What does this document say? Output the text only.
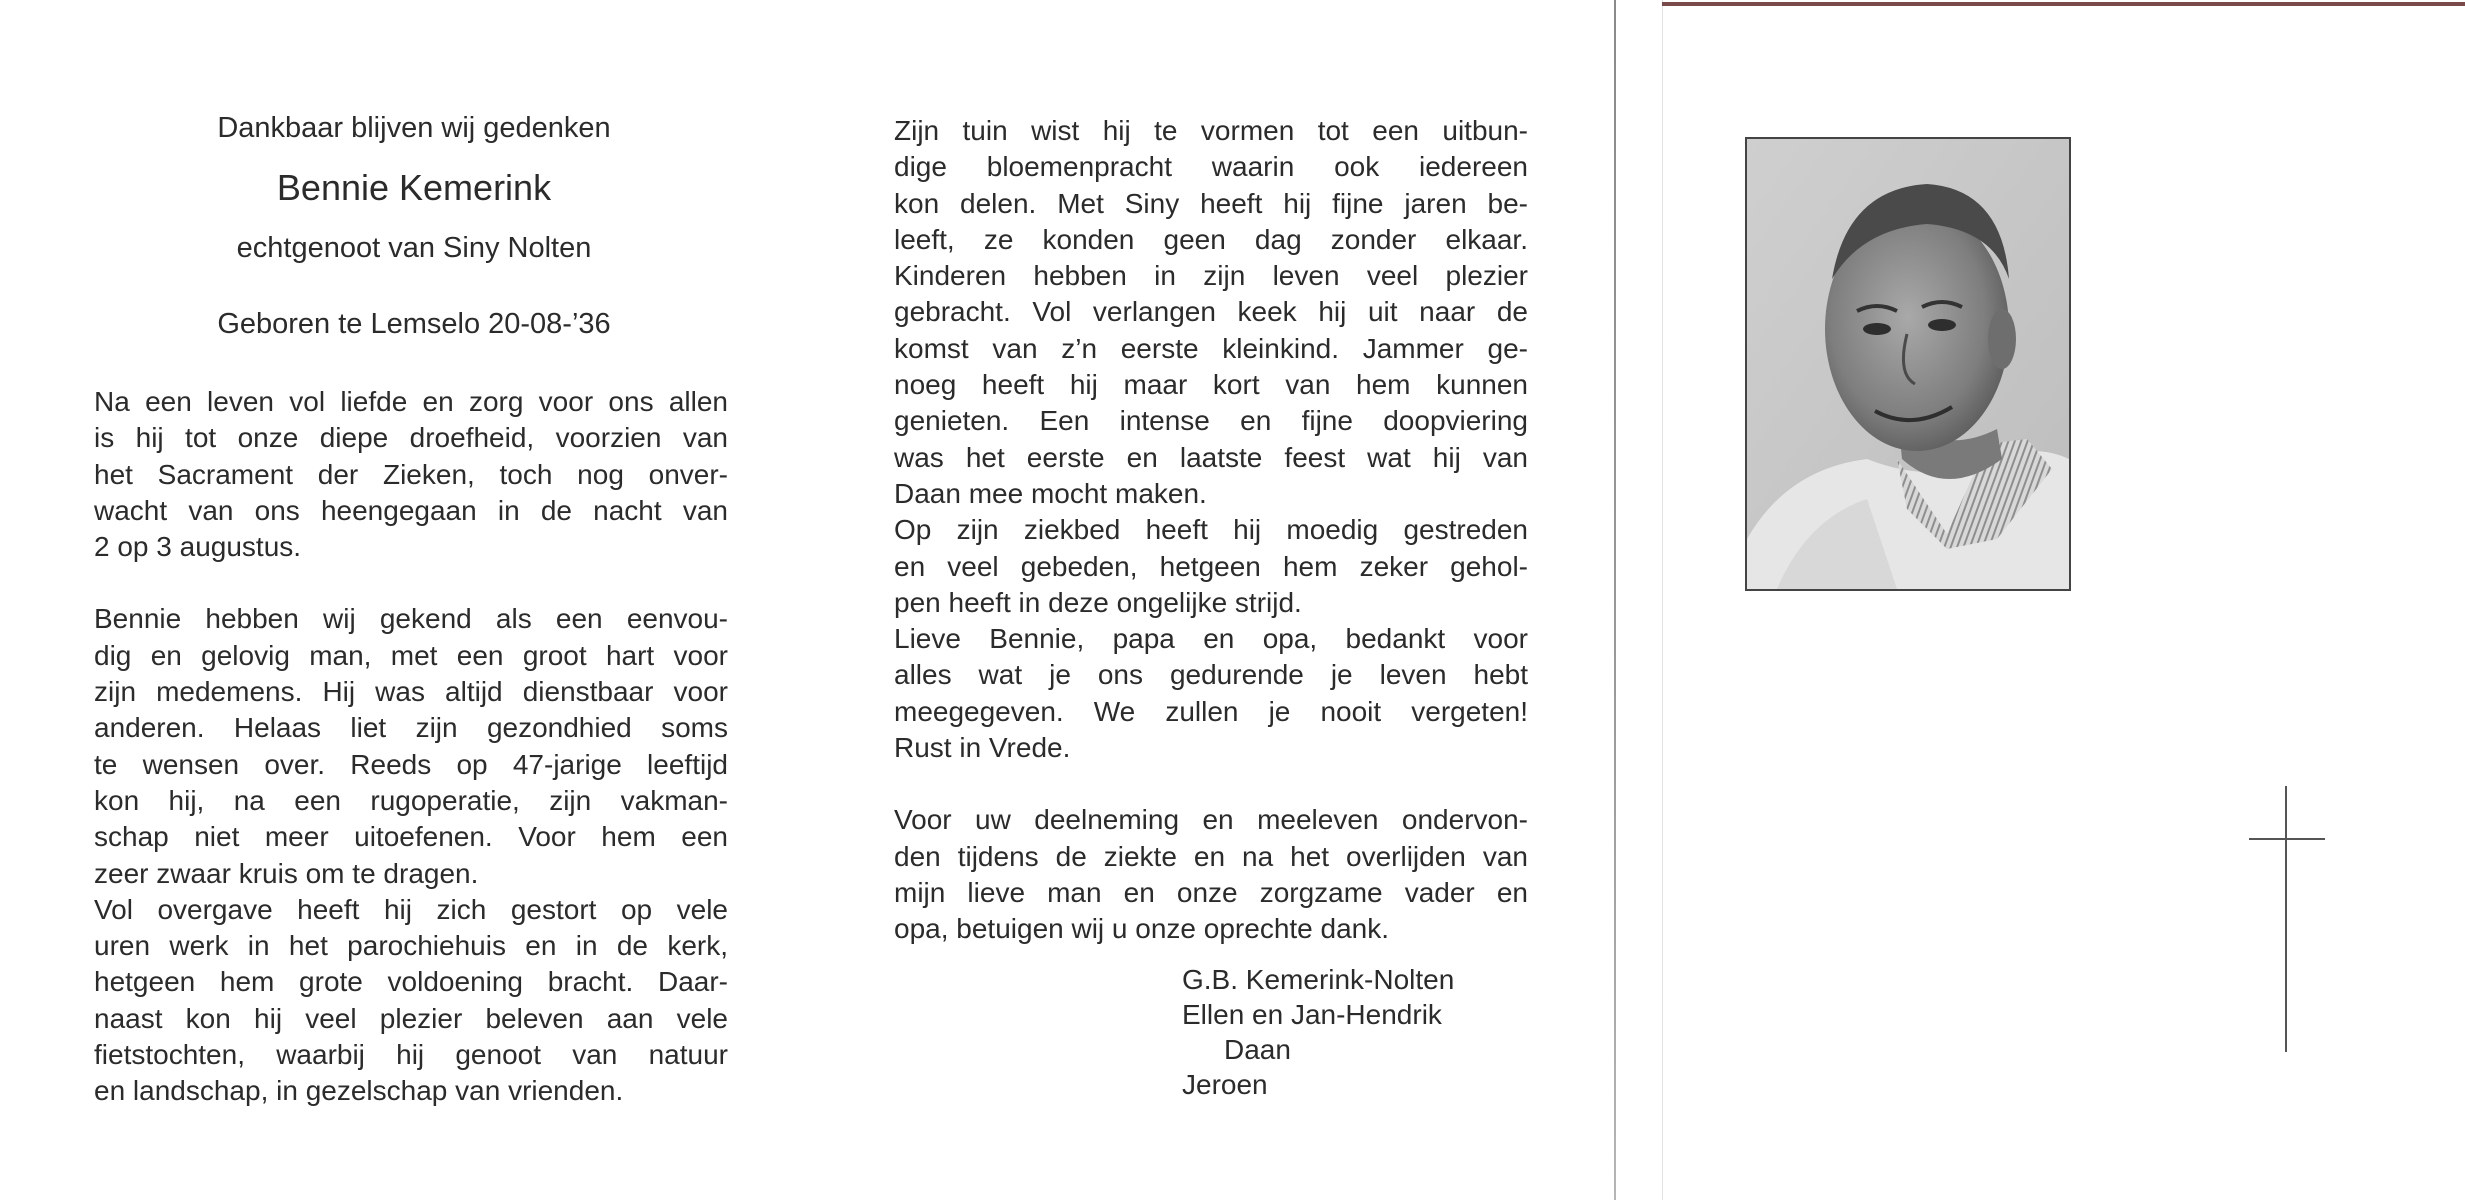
Dankbaar blijven wij gedenken
Bennie Kemerink
echtgenoot van Siny Nolten
Geboren te Lemselo 20-08-’36
Na een leven vol liefde en zorg voor ons allen
is hij tot onze diepe droefheid, voorzien van
het Sacrament der Zieken, toch nog onver-
wacht van ons heengegaan in de nacht van
2 op 3 augustus.
Bennie hebben wij gekend als een eenvou-
dig en gelovig man, met een groot hart voor
zijn medemens. Hij was altijd dienstbaar voor
anderen. Helaas liet zijn gezondhied soms
te wensen over. Reeds op 47-jarige leeftijd
kon hij, na een rugoperatie, zijn vakman-
schap niet meer uitoefenen. Voor hem een
zeer zwaar kruis om te dragen.
Vol overgave heeft hij zich gestort op vele
uren werk in het parochiehuis en in de kerk,
hetgeen hem grote voldoening bracht. Daar-
naast kon hij veel plezier beleven aan vele
fietstochten, waarbij hij genoot van natuur
en landschap, in gezelschap van vrienden.
Zijn tuin wist hij te vormen tot een uitbun-
dige bloemenpracht waarin ook iedereen
kon delen. Met Siny heeft hij fijne jaren be-
leeft, ze konden geen dag zonder elkaar.
Kinderen hebben in zijn leven veel plezier
gebracht. Vol verlangen keek hij uit naar de
komst van z’n eerste kleinkind. Jammer ge-
noeg heeft hij maar kort van hem kunnen
genieten. Een intense en fijne doopviering
was het eerste en laatste feest wat hij van
Daan mee mocht maken.
Op zijn ziekbed heeft hij moedig gestreden
en veel gebeden, hetgeen hem zeker gehol-
pen heeft in deze ongelijke strijd.
Lieve Bennie, papa en opa, bedankt voor
alles wat je ons gedurende je leven hebt
meegegeven. We zullen je nooit vergeten!
Rust in Vrede.
Voor uw deelneming en meeleven ondervon-
den tijdens de ziekte en na het overlijden van
mijn lieve man en onze zorgzame vader en
opa, betuigen wij u onze oprechte dank.
G.B. Kemerink-Nolten
Ellen en Jan-Hendrik
Daan
Jeroen
